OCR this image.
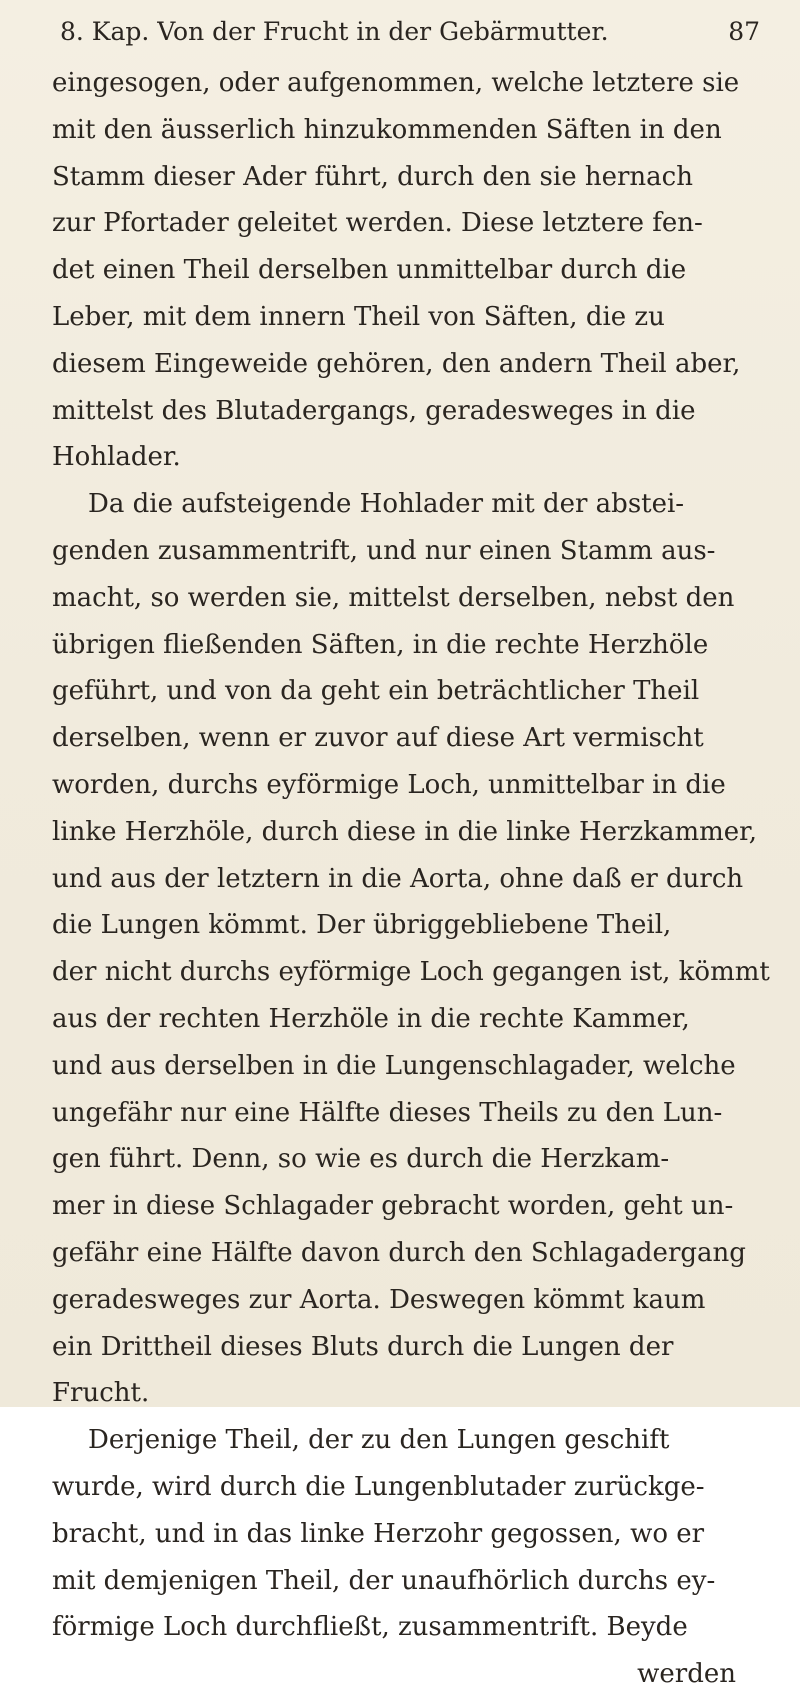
8. Kap. Von der Frucht in der Gebärmutter.	87

eingesogen, oder aufgenommen, welche letztere sie

mit den äusserlich hinzukommenden Säften in den

Stamm dieser Ader führt, durch den sie hernach

zur Pfortader geleitet werden. Diese letztere fen-

det einen Theil derselben unmittelbar durch die

Leber, mit dem innern Theil von Säften, die zu

diesem Eingeweide gehören, den andern Theil aber,

mittelst des Blutadergangs, geradesweges in die

Hohlader.

Da die aufsteigende Hohlader mit der abstei-

genden zusammentrift, und nur einen Stamm aus-

macht, so werden sie, mittelst derselben, nebst den

übrigen fließenden Säften, in die rechte Herzhöle

geführt, und von da geht ein beträchtlicher Theil

derselben, wenn er zuvor auf diese Art vermischt

worden, durchs eyförmige Loch, unmittelbar in die

linke Herzhöle, durch diese in die linke Herzkammer,

und aus der letztern in die Aorta, ohne daß er durch

die Lungen kömmt. Der übriggebliebene Theil,

der nicht durchs eyförmige Loch gegangen ist, kömmt

aus der rechten Herzhöle in die rechte Kammer,

und aus derselben in die Lungenschlagader, welche

ungefähr nur eine Hälfte dieses Theils zu den Lun-

gen führt. Denn, so wie es durch die Herzkam-

mer in diese Schlagader gebracht worden, geht un-

gefähr eine Hälfte davon durch den Schlagadergang

geradesweges zur Aorta. Deswegen kömmt kaum

ein Drittheil dieses Bluts durch die Lungen der

Frucht.

Derjenige Theil, der zu den Lungen geschift

wurde, wird durch die Lungenblutader zurückge-

bracht, und in das linke Herzohr gegossen, wo er

mit demjenigen Theil, der unaufhörlich durchs ey-

förmige Loch durchfließt, zusammentrift. Beyde

werden
